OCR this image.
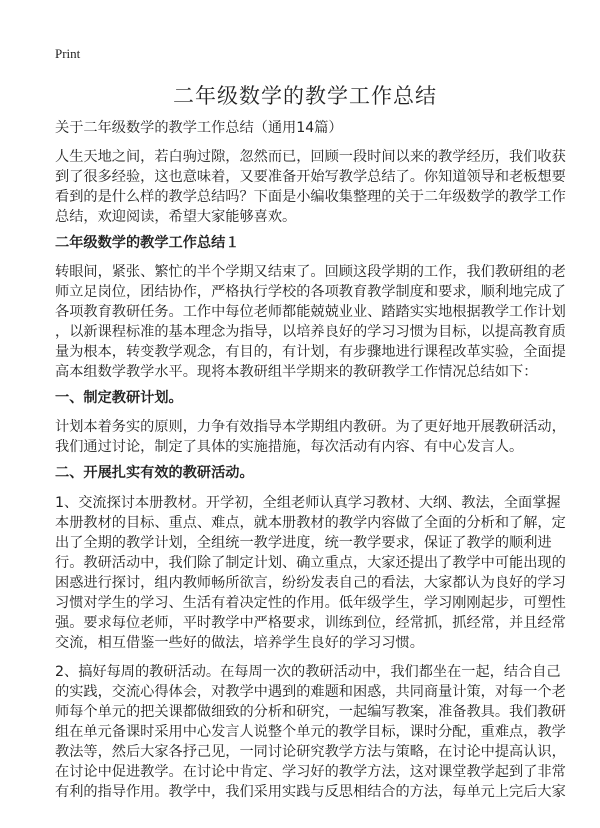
Print
二年级数学的教学工作总结
关于二年级数学的教学工作总结（通用14篇）
人生天地之间，若白驹过隙，忽然而已，回顾一段时间以来的教学经历，我们收获
到了很多经验，这也意味着，又要准备开始写教学总结了。你知道领导和老板想要
看到的是什么样的教学总结吗？下面是小编收集整理的关于二年级数学的教学工作
总结，欢迎阅读，希望大家能够喜欢。
二年级数学的教学工作总结１
转眼间，紧张、繁忙的半个学期又结束了。回顾这段学期的工作，我们教研组的老
师立足岗位，团结协作，严格执行学校的各项教育教学制度和要求，顺利地完成了
各项教育教研任务。工作中每位老师都能兢兢业业、踏踏实实地根据教学工作计划
，以新课程标准的基本理念为指导，以培养良好的学习习惯为目标，以提高教育质
量为根本，转变教学观念，有目的，有计划，有步骤地进行课程改革实验，全面提
高本组数学教学水平。现将本教研组半学期来的教研教学工作情况总结如下：
一、制定教研计划。
计划本着务实的原则，力争有效指导本学期组内教研。为了更好地开展教研活动，
我们通过讨论，制定了具体的实施措施，每次活动有内容、有中心发言人。
二、开展扎实有效的教研活动。
1、交流探讨本册教材。开学初，全组老师认真学习教材、大纲、教法，全面掌握
本册教材的目标、重点、难点，就本册教材的教学内容做了全面的分析和了解，定
出了全期的教学计划，全组统一教学进度，统一教学要求，保证了教学的顺利进
行。教研活动中，我们除了制定计划、确立重点，大家还提出了教学中可能出现的
困惑进行探讨，组内教师畅所欲言，纷纷发表自己的看法，大家都认为良好的学习
习惯对学生的学习、生活有着决定性的作用。低年级学生，学习刚刚起步，可塑性
强。要求每位老师，平时教学中严格要求，训练到位，经常抓，抓经常，并且经常
交流，相互借鉴一些好的做法，培养学生良好的学习习惯。
2、搞好每周的教研活动。在每周一次的教研活动中，我们都坐在一起，结合自己
的实践，交流心得体会，对教学中遇到的难题和困惑，共同商量计策，对每一个老
师每个单元的把关课都做细致的分析和研究，一起编写教案，准备教具。我们教研
组在单元备课时采用中心发言人说整个单元的教学目标，课时分配，重难点，教学
教法等，然后大家各抒己见，一同讨论研究教学方法与策略，在讨论中提高认识，
在讨论中促进教学。在讨论中肯定、学习好的教学方法，这对课堂教学起到了非常
有利的指导作用。教学中，我们采用实践与反思相结合的方法，每单元上完后大家
